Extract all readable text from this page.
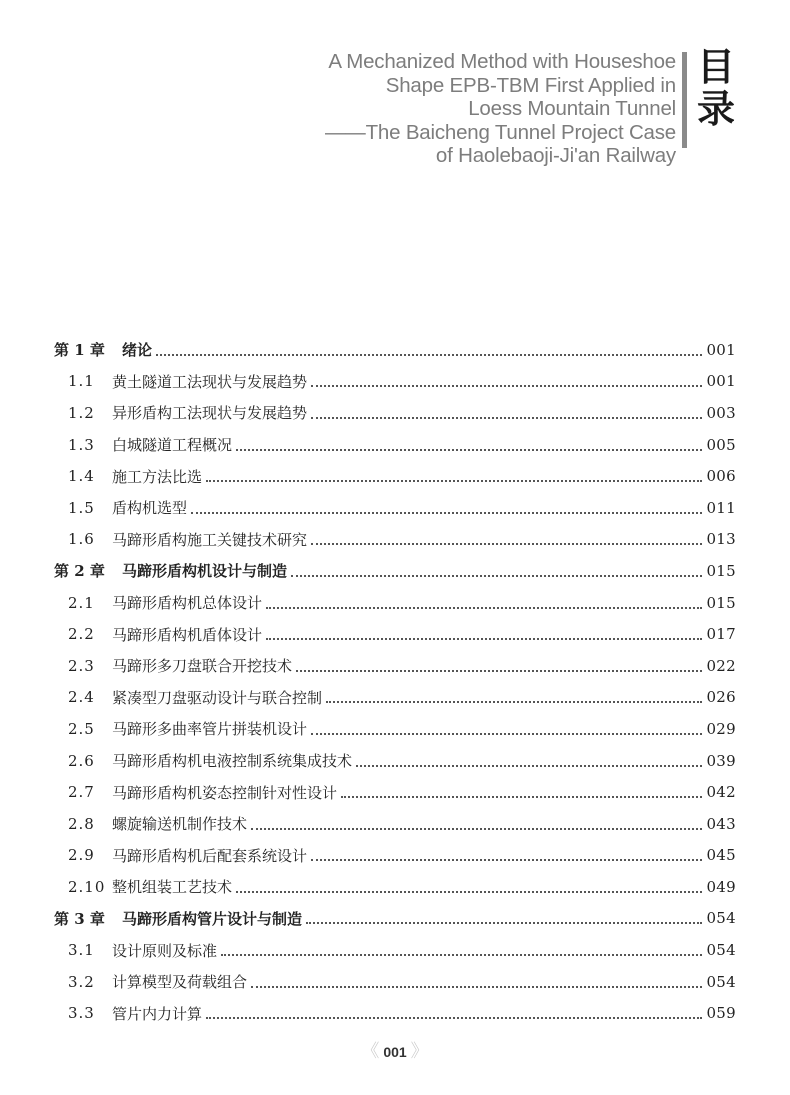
A Mechanized Method with Houseshoe
Shape EPB-TBM First Applied in
Loess Mountain Tunnel
——The Baicheng Tunnel Project Case
of Haolebaoji-Ji'an Railway
目
录
第 1 章	绪论	001
1.1	黄土隧道工法现状与发展趋势	001
1.2	异形盾构工法现状与发展趋势	003
1.3	白城隧道工程概况	005
1.4	施工方法比选	006
1.5	盾构机选型	011
1.6	马蹄形盾构施工关键技术研究	013
第 2 章	马蹄形盾构机设计与制造	015
2.1	马蹄形盾构机总体设计	015
2.2	马蹄形盾构机盾体设计	017
2.3	马蹄形多刀盘联合开挖技术	022
2.4	紧凑型刀盘驱动设计与联合控制	026
2.5	马蹄形多曲率管片拼装机设计	029
2.6	马蹄形盾构机电液控制系统集成技术	039
2.7	马蹄形盾构机姿态控制针对性设计	042
2.8	螺旋输送机制作技术	043
2.9	马蹄形盾构机后配套系统设计	045
2.10 整机组装工艺技术	049
第 3 章	马蹄形盾构管片设计与制造	054
3.1	设计原则及标准	054
3.2	计算模型及荷载组合	054
3.3	管片内力计算	059
《 001 》
